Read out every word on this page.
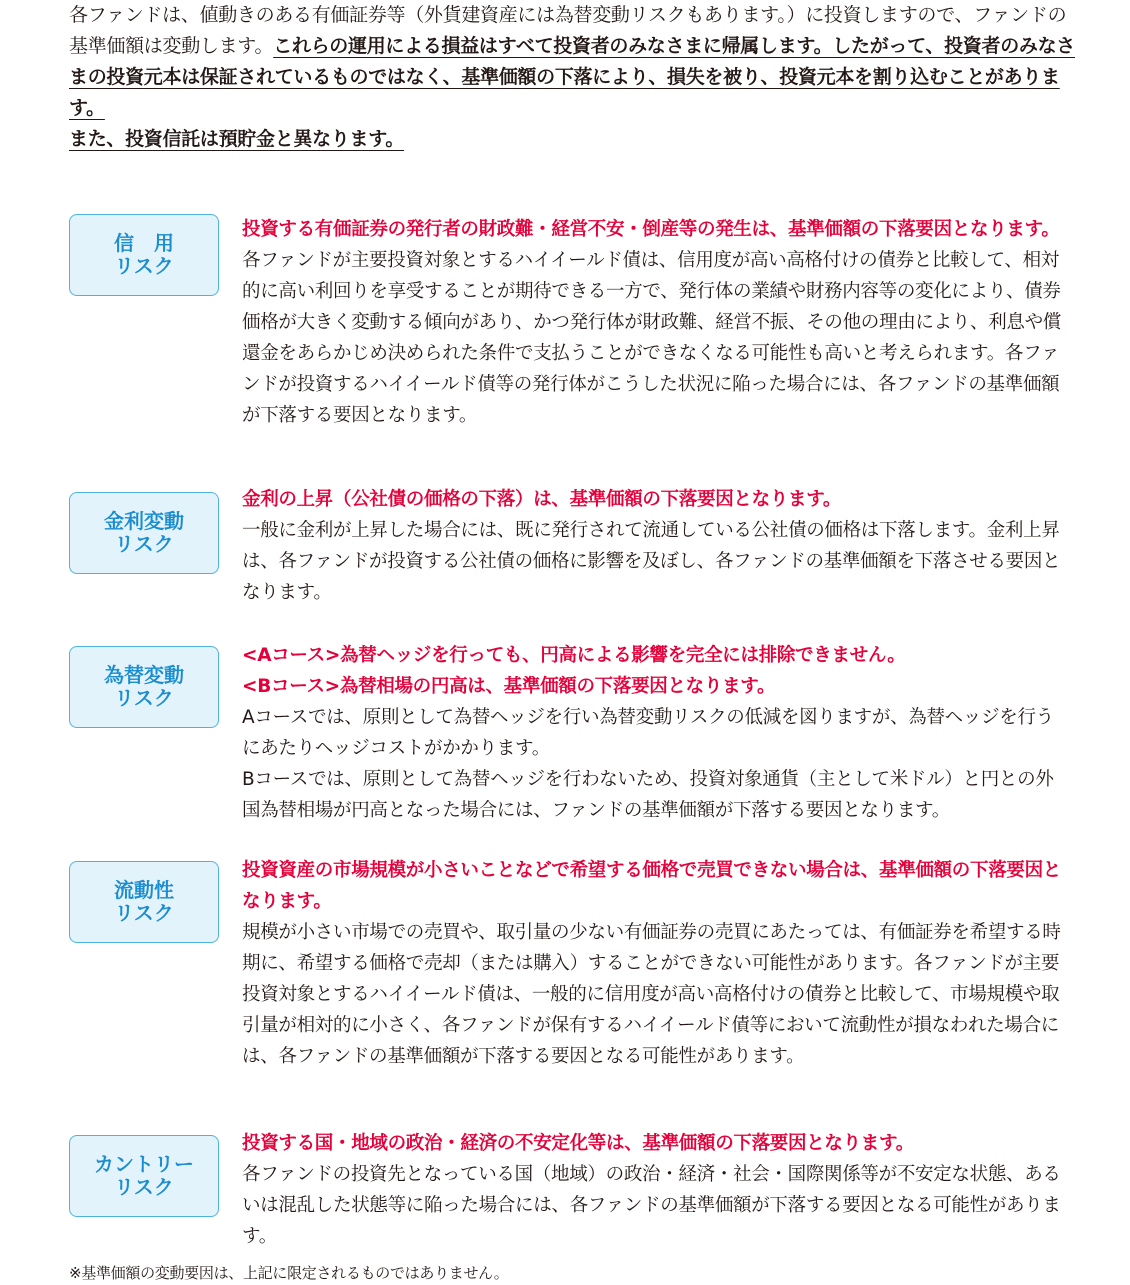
各ファンドは、値動きのある有価証券等（外貨建資産には為替変動リスクもあります。）に投資しますので、ファンドの基準価額は変動します。これらの運用による損益はすべて投資者のみなさまに帰属します。したがって、投資者のみなさまの投資元本は保証されているものではなく、基準価額の下落により、損失を被り、投資元本を割り込むことがあります。
また、投資信託は預貯金と異なります。
信　用
リスク
投資する有価証券の発行者の財政難・経営不安・倒産等の発生は、基準価額の下落要因となります。
各ファンドが主要投資対象とするハイイールド債は、信用度が高い高格付けの債券と比較して、相対的に高い利回りを享受することが期待できる一方で、発行体の業績や財務内容等の変化により、債券価格が大きく変動する傾向があり、かつ発行体が財政難、経営不振、その他の理由により、利息や償還金をあらかじめ決められた条件で支払うことができなくなる可能性も高いと考えられます。各ファンドが投資するハイイールド債等の発行体がこうした状況に陥った場合には、各ファンドの基準価額が下落する要因となります。
金利変動
リスク
金利の上昇（公社債の価格の下落）は、基準価額の下落要因となります。
一般に金利が上昇した場合には、既に発行されて流通している公社債の価格は下落します。金利上昇は、各ファンドが投資する公社債の価格に影響を及ぼし、各ファンドの基準価額を下落させる要因となります。
為替変動
リスク
<Aコース>為替ヘッジを行っても、円高による影響を完全には排除できません。
<Bコース>為替相場の円高は、基準価額の下落要因となります。
Aコースでは、原則として為替ヘッジを行い為替変動リスクの低減を図りますが、為替ヘッジを行うにあたりヘッジコストがかかります。
Bコースでは、原則として為替ヘッジを行わないため、投資対象通貨（主として米ドル）と円との外国為替相場が円高となった場合には、ファンドの基準価額が下落する要因となります。
流動性
リスク
投資資産の市場規模が小さいことなどで希望する価格で売買できない場合は、基準価額の下落要因となります。
規模が小さい市場での売買や、取引量の少ない有価証券の売買にあたっては、有価証券を希望する時期に、希望する価格で売却（または購入）することができない可能性があります。各ファンドが主要投資対象とするハイイールド債は、一般的に信用度が高い高格付けの債券と比較して、市場規模や取引量が相対的に小さく、各ファンドが保有するハイイールド債等において流動性が損なわれた場合には、各ファンドの基準価額が下落する要因となる可能性があります。
カントリー
リスク
投資する国・地域の政治・経済の不安定化等は、基準価額の下落要因となります。
各ファンドの投資先となっている国（地域）の政治・経済・社会・国際関係等が不安定な状態、あるいは混乱した状態等に陥った場合には、各ファンドの基準価額が下落する要因となる可能性があります。
※基準価額の変動要因は、上記に限定されるものではありません。
